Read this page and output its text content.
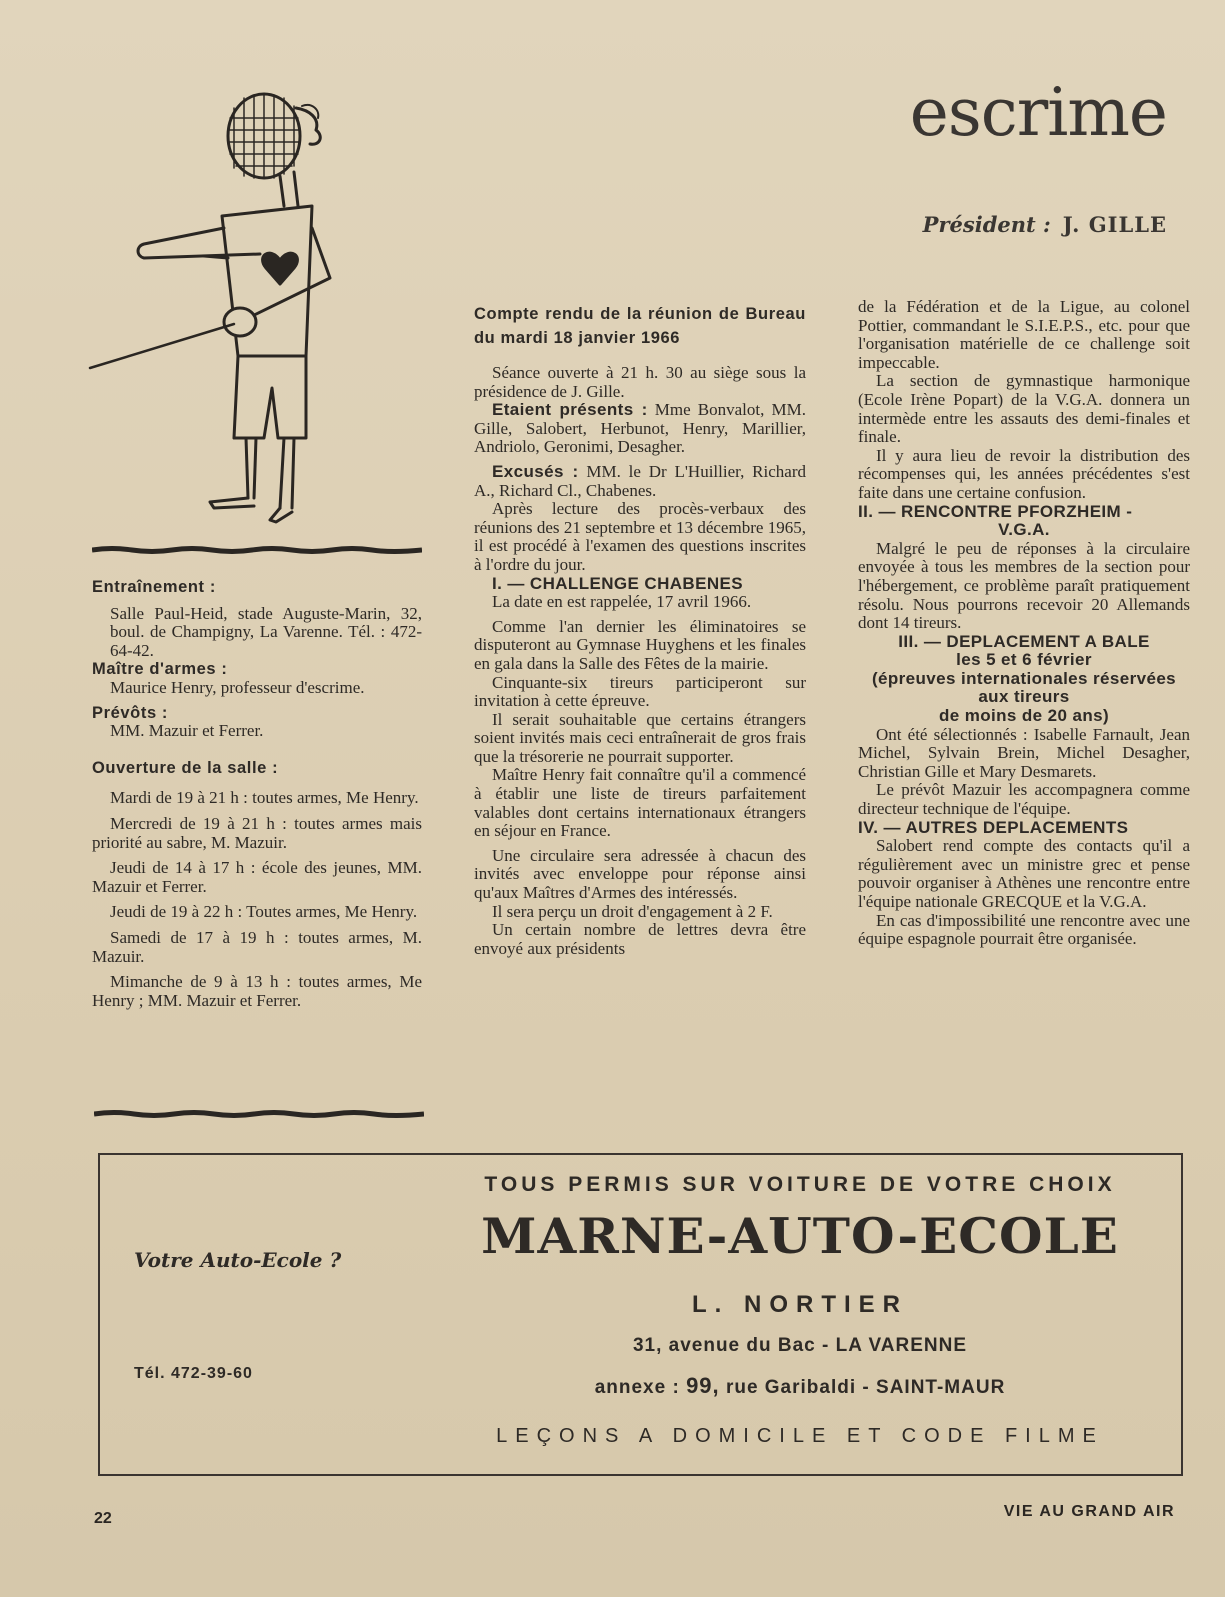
escrime
Président : J. GILLE

Entraînement :

Salle Paul-Heid, stade Auguste-Marin, 32, boul. de Champigny, La Varenne. Tél. : 472-64-42.

Maître d'armes :

Maurice Henry, professeur d'escrime.

Prévôts :

MM. Mazuir et Ferrer.

Ouverture de la salle :

Mardi de 19 à 21 h : toutes armes, Me Henry.

Mercredi de 19 à 21 h : toutes armes mais priorité au sabre, M. Mazuir.

Jeudi de 14 à 17 h : école des jeunes, MM. Mazuir et Ferrer.

Jeudi de 19 à 22 h : Toutes armes, Me Henry.

Samedi de 17 à 19 h : toutes armes, M. Mazuir.

Mimanche de 9 à 13 h : toutes armes, Me Henry ; MM. Mazuir et Ferrer.

Compte rendu de la réunion de Bureau du mardi 18 janvier 1966

Séance ouverte à 21 h. 30 au siège sous la présidence de J. Gille.

Etaient présents : Mme Bonvalot, MM. Gille, Salobert, Herbunot, Henry, Marillier, Andriolo, Geronimi, Desagher.

Excusés : MM. le Dr L'Huillier, Richard A., Richard Cl., Chabenes.

Après lecture des procès-verbaux des réunions des 21 septembre et 13 décembre 1965, il est procédé à l'examen des questions inscrites à l'ordre du jour.

I. — CHALLENGE CHABENES

La date en est rappelée, 17 avril 1966.

Comme l'an dernier les éliminatoires se disputeront au Gymnase Huyghens et les finales en gala dans la Salle des Fêtes de la mairie.

Cinquante-six tireurs participeront sur invitation à cette épreuve.

Il serait souhaitable que certains étrangers soient invités mais ceci entraînerait de gros frais que la trésorerie ne pourrait supporter.

Maître Henry fait connaître qu'il a commencé à établir une liste de tireurs parfaitement valables dont certains internationaux étrangers en séjour en France.

Une circulaire sera adressée à chacun des invités avec enveloppe pour réponse ainsi qu'aux Maîtres d'Armes des intéressés.

Il sera perçu un droit d'engagement à 2 F.

Un certain nombre de lettres devra être envoyé aux présidents

de la Fédération et de la Ligue, au colonel Pottier, commandant le S.I.E.P.S., etc. pour que l'organisation matérielle de ce challenge soit impeccable.

La section de gymnastique harmonique (Ecole Irène Popart) de la V.G.A. donnera un intermède entre les assauts des demi-finales et finale.

Il y aura lieu de revoir la distribution des récompenses qui, les années précédentes s'est faite dans une certaine confusion.

II. — RENCONTRE PFORZHEIM -

V.G.A.

Malgré le peu de réponses à la circulaire envoyée à tous les membres de la section pour l'hébergement, ce problème paraît pratiquement résolu. Nous pourrons recevoir 20 Allemands dont 14 tireurs.

III. — DEPLACEMENT A BALE

les 5 et 6 février

(épreuves internationales réservées aux tireurs

de moins de 20 ans)

Ont été sélectionnés : Isabelle Farnault, Jean Michel, Sylvain Brein, Michel Desagher, Christian Gille et Mary Desmarets.

Le prévôt Mazuir les accompagnera comme directeur technique de l'équipe.

IV. — AUTRES DEPLACEMENTS

Salobert rend compte des contacts qu'il a régulièrement avec un ministre grec et pense pouvoir organiser à Athènes une rencontre entre l'équipe nationale GRECQUE et la V.G.A.

En cas d'impossibilité une rencontre avec une équipe espagnole pourrait être organisée.

Votre Auto-Ecole ?
Tél. 472-39-60
TOUS PERMIS SUR VOITURE DE VOTRE CHOIX
MARNE-AUTO-ECOLE
L. NORTIER
31, avenue du Bac - LA VARENNE
annexe : 99, rue Garibaldi - SAINT-MAUR
LEÇONS A DOMICILE ET CODE FILME
22	VIE AU GRAND AIR
